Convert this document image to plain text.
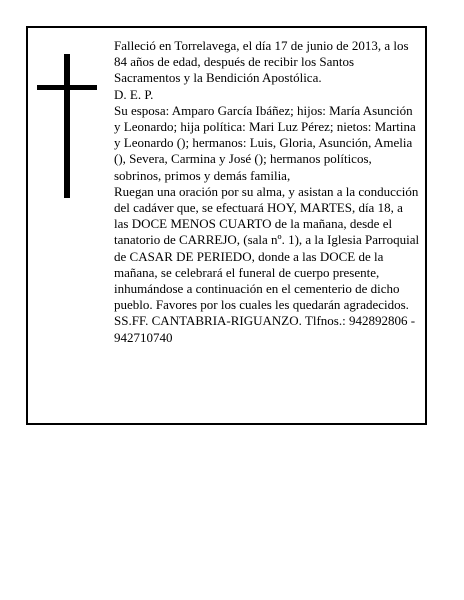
Falleció en Torrelavega, el día 17 de junio de 2013, a los 84 años de edad, después de recibir los Santos Sacramentos y la Bendición Apostólica.

D. E. P.

Su esposa: Amparo García Ibáñez; hijos: María Asunción y Leonardo; hija política: Mari Luz Pérez; nietos: Martina y Leonardo (); hermanos: Luis, Gloria, Asunción, Amelia (), Severa, Carmina y José (); hermanos políticos, sobrinos, primos y demás familia,

Ruegan una oración por su alma, y asistan a la conducción del cadáver que, se efectuará HOY, MARTES, día 18, a las DOCE MENOS CUARTO de la mañana, desde el tanatorio de CARREJO, (sala nº. 1), a la Iglesia Parroquial de CASAR DE PERIEDO, donde a las DOCE de la mañana, se celebrará el funeral de cuerpo presente, inhumándose a continuación en el cementerio de dicho pueblo. Favores por los cuales les quedarán agradecidos.

SS.FF. CANTABRIA-RIGUANZO. Tlfnos.: 942892806 - 942710740
